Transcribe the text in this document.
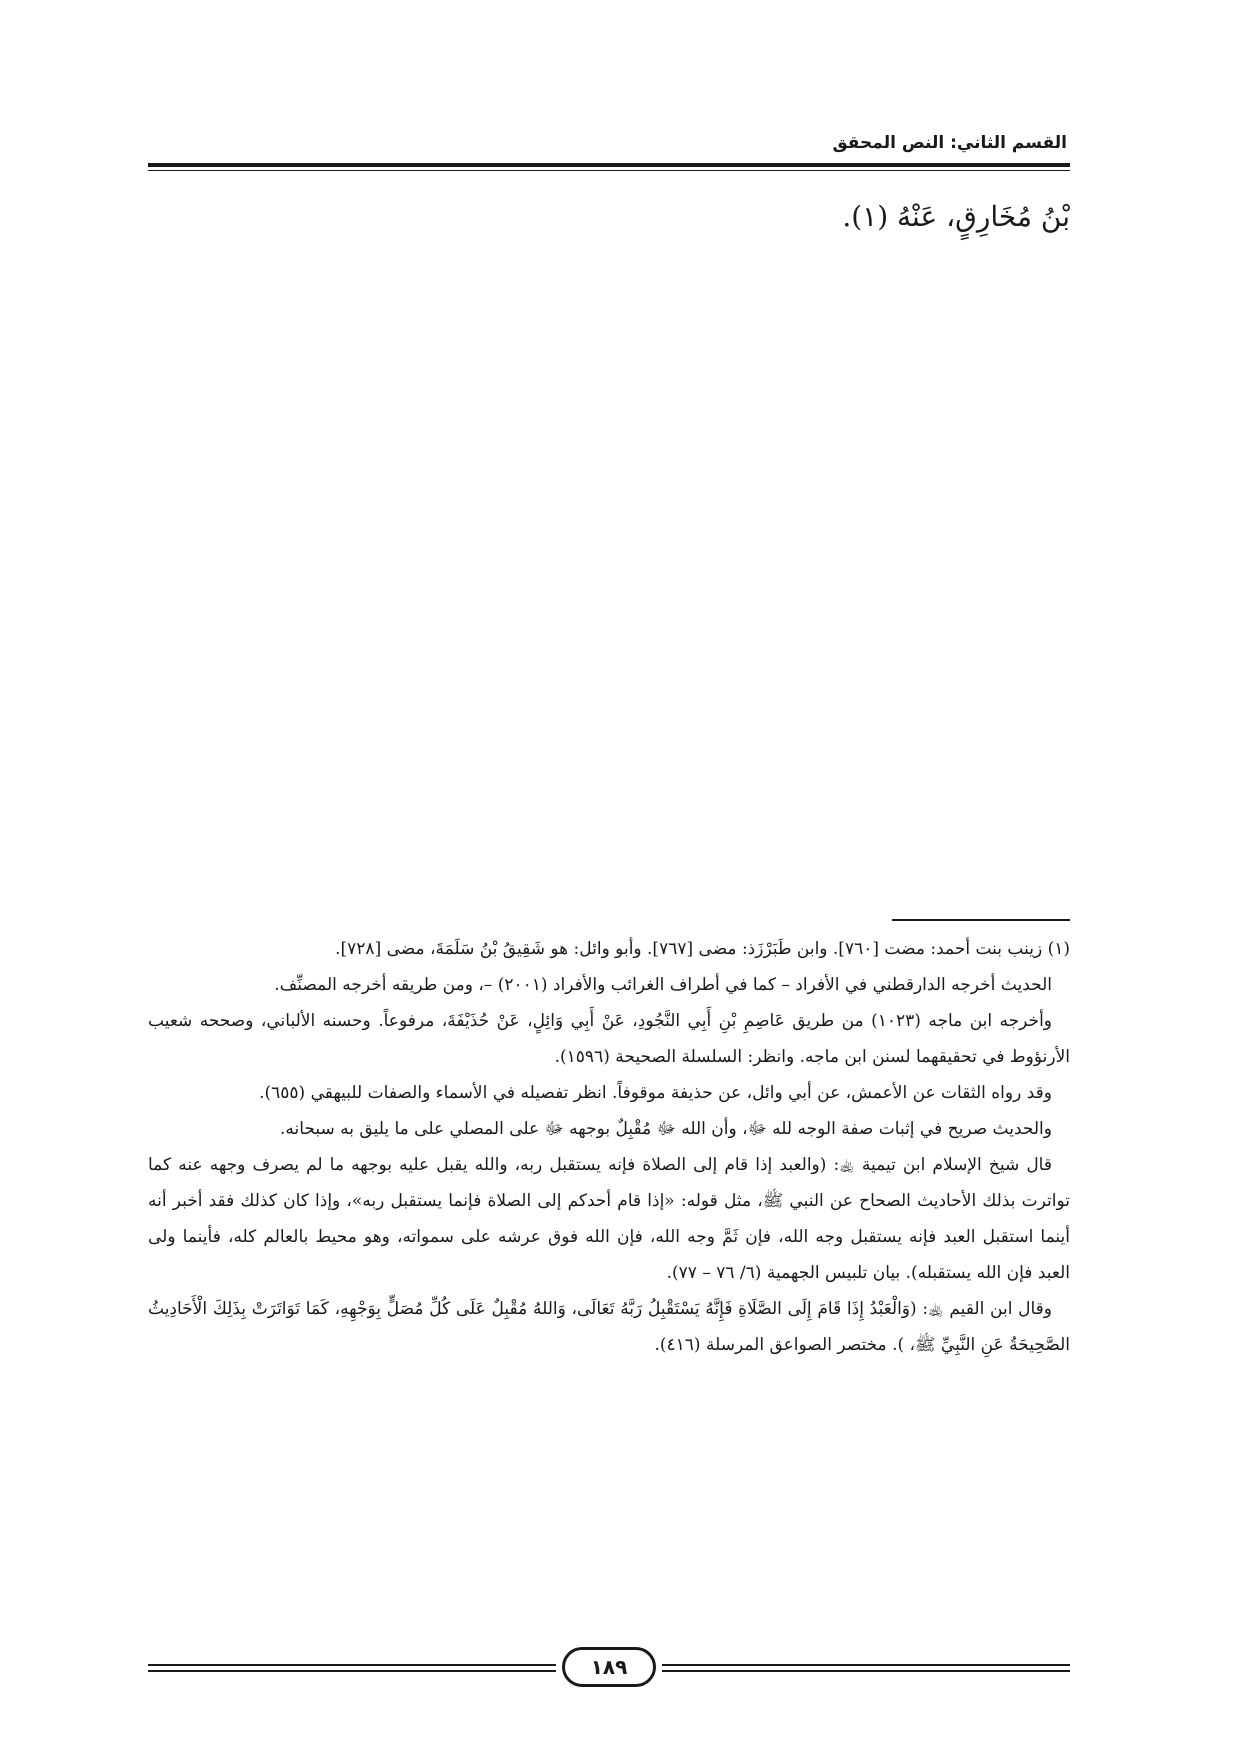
القسم الثاني: النص المحقق

بْنُ مُخَارِقٍ، عَنْهُ (١).

(١) زينب بنت أحمد: مضت [٧٦٠]. وابن طَبَرْزَذ: مضى [٧٦٧]. وأبو وائل: هو شَقِيقُ بْنُ سَلَمَةَ، مضى [٧٢٨].

الحديث أخرجه الدارقطني في الأفراد – كما في أطراف الغرائب والأفراد (٢٠٠١) –، ومن طريقه أخرجه المصنِّف.

وأخرجه ابن ماجه (١٠٢٣) من طريق عَاصِمِ بْنِ أَبِي النَّجُودِ، عَنْ أَبِي وَائِلٍ، عَنْ حُذَيْفَةَ، مرفوعاً. وحسنه الألباني، وصححه شعيب الأرنؤوط في تحقيقهما لسنن ابن ماجه. وانظر: السلسلة الصحيحة (١٥٩٦).

وقد رواه الثقات عن الأعمش، عن أبي وائل، عن حذيفة موقوفاً. انظر تفصيله في الأسماء والصفات للبيهقي (٦٥٥).

والحديث صريح في إثبات صفة الوجه لله ﷻ، وأن الله ﷻ مُقْبِلٌ بوجهه ﷻ على المصلي على ما يليق به سبحانه.

قال شيخ الإسلام ابن تيمية ﵀: (والعبد إذا قام إلى الصلاة فإنه يستقبل ربه، والله يقبل عليه بوجهه ما لم يصرف وجهه عنه كما تواترت بذلك الأحاديث الصحاح عن النبي ﷺ، مثل قوله: «إذا قام أحدكم إلى الصلاة فإنما يستقبل ربه»، وإذا كان كذلك فقد أخبر أنه أينما استقبل العبد فإنه يستقبل وجه الله، فإن ثَمَّ وجه الله، فإن الله فوق عرشه على سمواته، وهو محيط بالعالم كله، فأينما ولى العبد فإن الله يستقبله). بيان تلبيس الجهمية (٦/ ٧٦ – ٧٧).

وقال ابن القيم ﵀: (وَالْعَبْدُ إِذَا قَامَ إِلَى الصَّلَاةِ فَإِنَّهُ يَسْتَقْبِلُ رَبَّهُ تَعَالَى، وَاللهُ مُقْبِلٌ عَلَى كُلِّ مُصَلٍّ بِوَجْهِهِ، كَمَا تَوَاتَرَتْ بِذَلِكَ الْأَحَادِيثُ الصَّحِيحَةُ عَنِ النَّبِيِّ ﷺ، ). مختصر الصواعق المرسلة (٤١٦).

١٨٩
